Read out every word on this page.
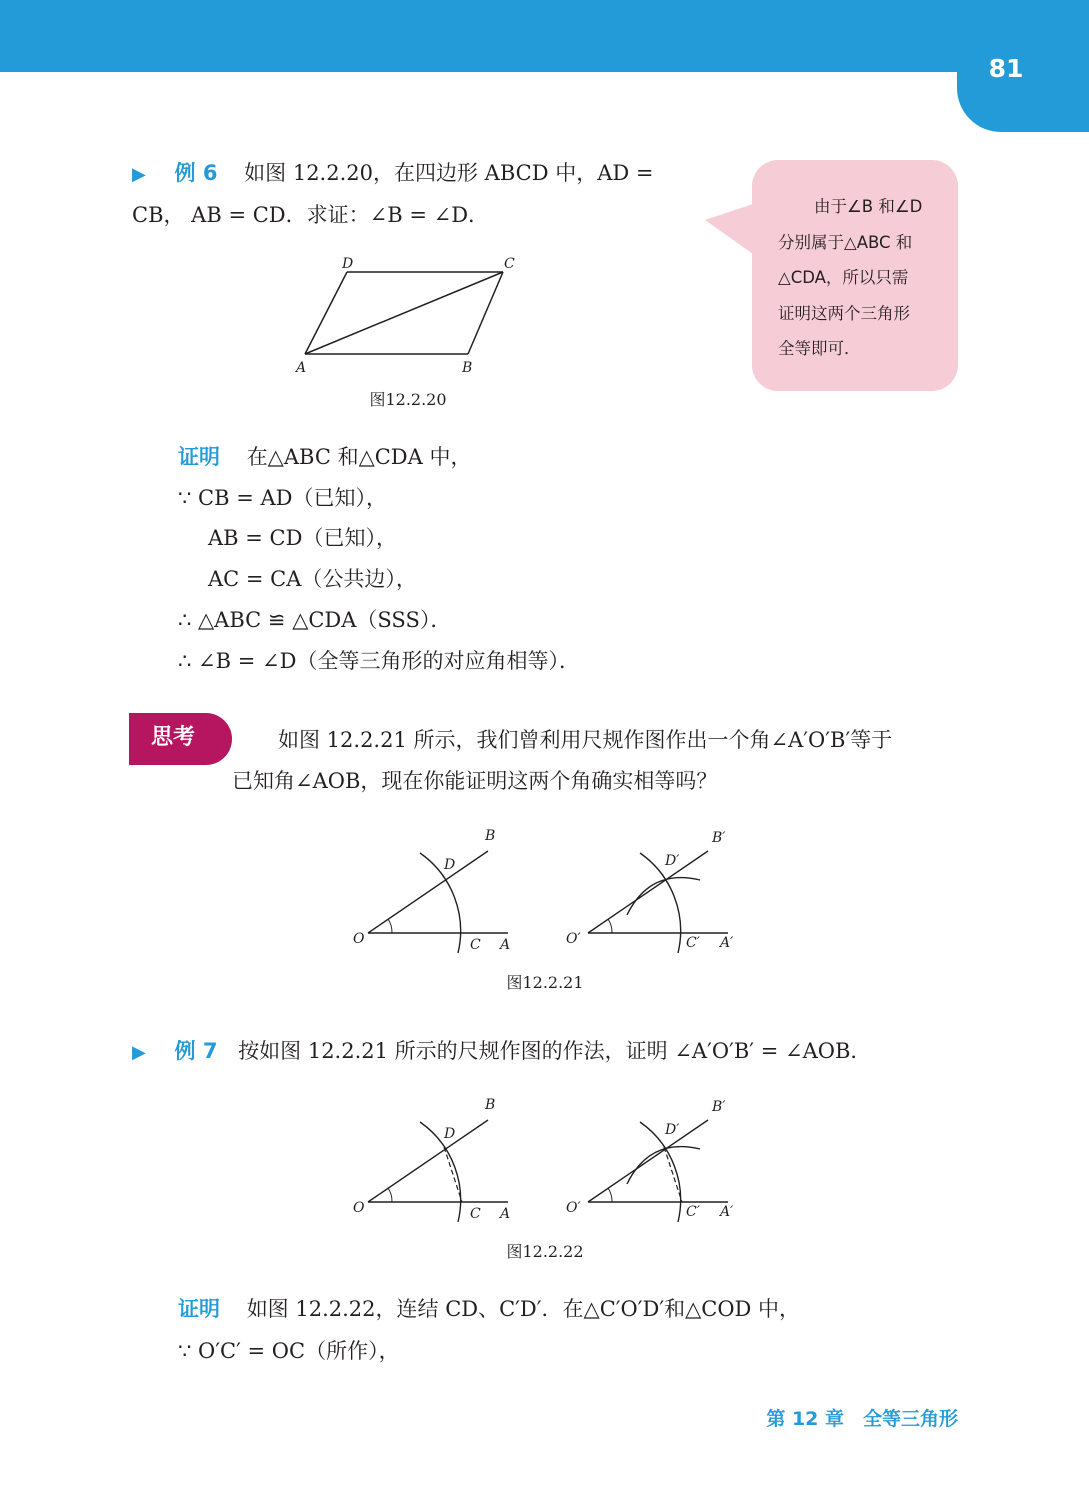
81
▶ 例 6 如图 12.2.20，在四边形 ABCD 中，AD =
CB， AB = CD．求证：∠B = ∠D．
D	C
A	B
图12.2.20
由于∠B 和∠D
分别属于△ABC 和
△CDA，所以只需
证明这两个三角形
全等即可．
证明 在△ABC 和△CDA 中，
∵ CB = AD（已知），
AB = CD（已知），
AC = CA（公共边），
∴ △ABC ≌ △CDA（SSS）．
∴ ∠B = ∠D（全等三角形的对应角相等）．
思考	如图 12.2.21 所示，我们曾利用尺规作图作出一个角∠A′O′B′等于
已知角∠AOB，现在你能证明这两个角确实相等吗？
O	C A
D
B
O′	C′ A′
D′
B′
图12.2.21
▶ 例 7 按如图 12.2.21 所示的尺规作图的作法，证明 ∠A′O′B′ = ∠AOB．
O	C A
D
B
O′	C′ A′
D′
B′
图12.2.22
证明 如图 12.2.22，连结 CD、C′D′．在△C′O′D′和△COD 中，
∵ O′C′ = OC（所作），
第 12 章　全等三角形
